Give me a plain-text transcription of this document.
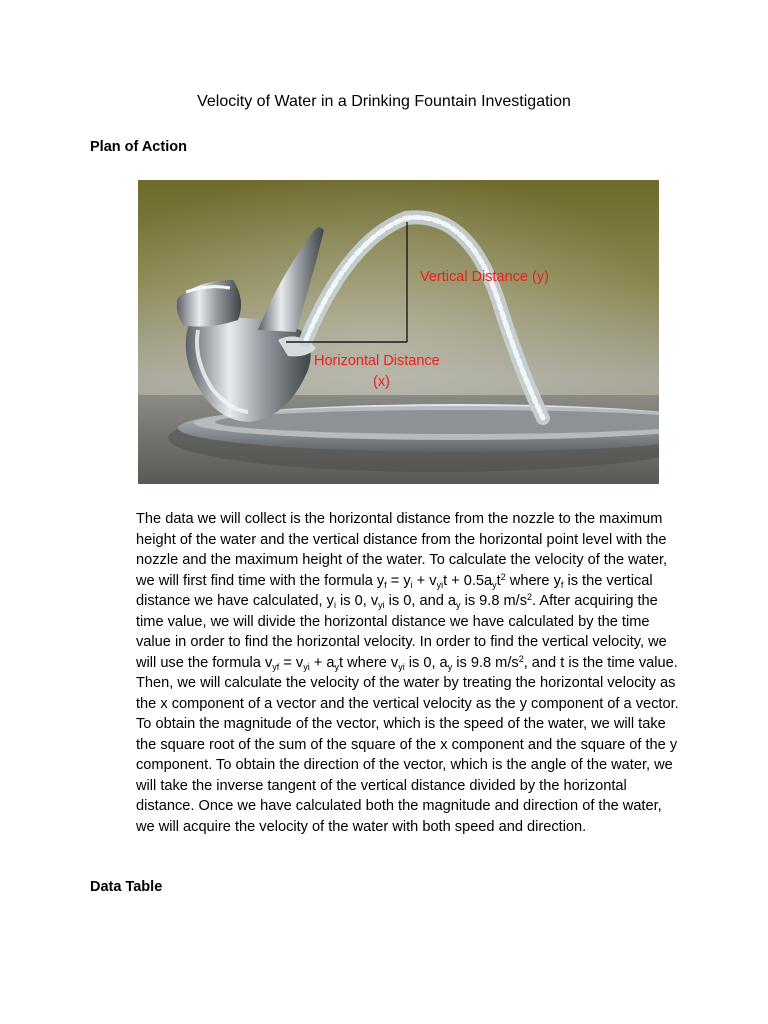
Velocity of Water in a Drinking Fountain Investigation
Plan of Action
Vertical Distance (y)
Horizontal Distance
(x)

The data we will collect is the horizontal distance from the nozzle to the maximum height of the water and the vertical distance from the horizontal point level with the nozzle and the maximum height of the water. To calculate the velocity of the water, we will first find time with the formula $y_f = y_i + v_{yi}t + 0.5a_yt^2$ where $y_f$ is the vertical distance we have calculated, $y_i$ is 0, $v_{yi}$ is 0, and $a_y$ is 9.8 $m/s^2$. After acquiring the time value, we will divide the horizontal distance we have calculated by the time value in order to find the horizontal velocity. In order to find the vertical velocity, we will use the formula $v_{yf} = v_{yi} + a_yt$ where $v_{yi}$ is 0, $a_y$ is 9.8 $m/s^2$, and t is the time value. Then, we will calculate the velocity of the water by treating the horizontal velocity as the x component of a vector and the vertical velocity as the y component of a vector. To obtain the magnitude of the vector, which is the speed of the water, we will take the square root of the sum of the square of the x component and the square of the y component. To obtain the direction of the vector, which is the angle of the water, we will take the inverse tangent of the vertical distance divided by the horizontal distance. Once we have calculated both the magnitude and direction of the water, we will acquire the velocity of the water with both speed and direction.

Data Table
